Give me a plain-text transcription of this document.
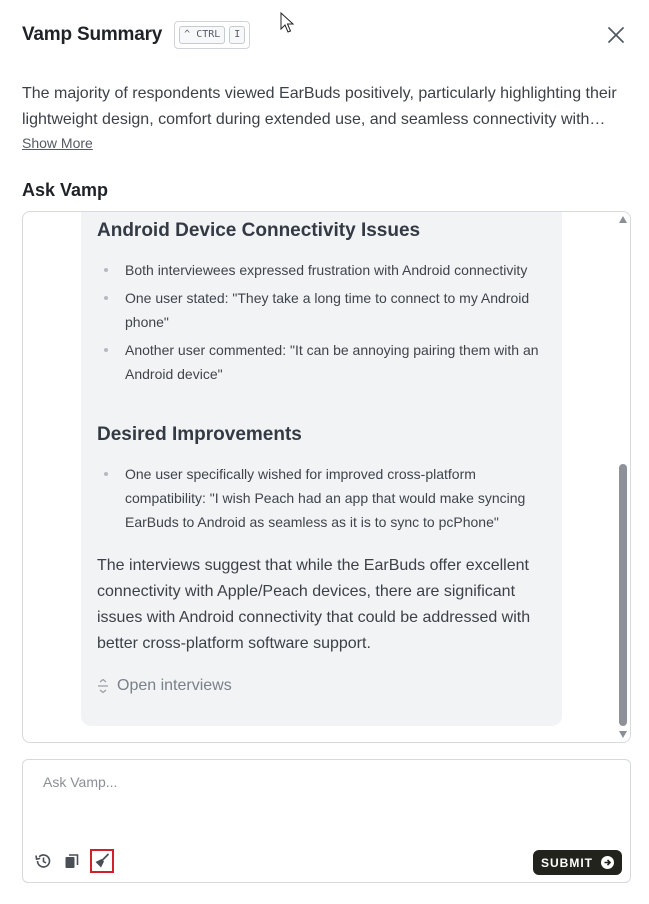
Vamp Summary	^ CTRL	I
The majority of respondents viewed EarBuds positively, particularly highlighting their lightweight design, comfort during extended use, and seamless connectivity with
Show More
Ask Vamp
Android Device Connectivity Issues
Both interviewees expressed frustration with Android connectivity
One user stated: "They take a long time to connect to my Android phone"
Another user commented: "It can be annoying pairing them with an Android device"
Desired Improvements
One user specifically wished for improved cross-platform compatibility: "I wish Peach had an app that would make syncing EarBuds to Android as seamless as it is to sync to pcPhone"

The interviews suggest that while the EarBuds offer excellent connectivity with Apple/Peach devices, there are significant issues with Android connectivity that could be addressed with better cross-platform software support.

Open interviews
Ask Vamp...
SUBMIT
